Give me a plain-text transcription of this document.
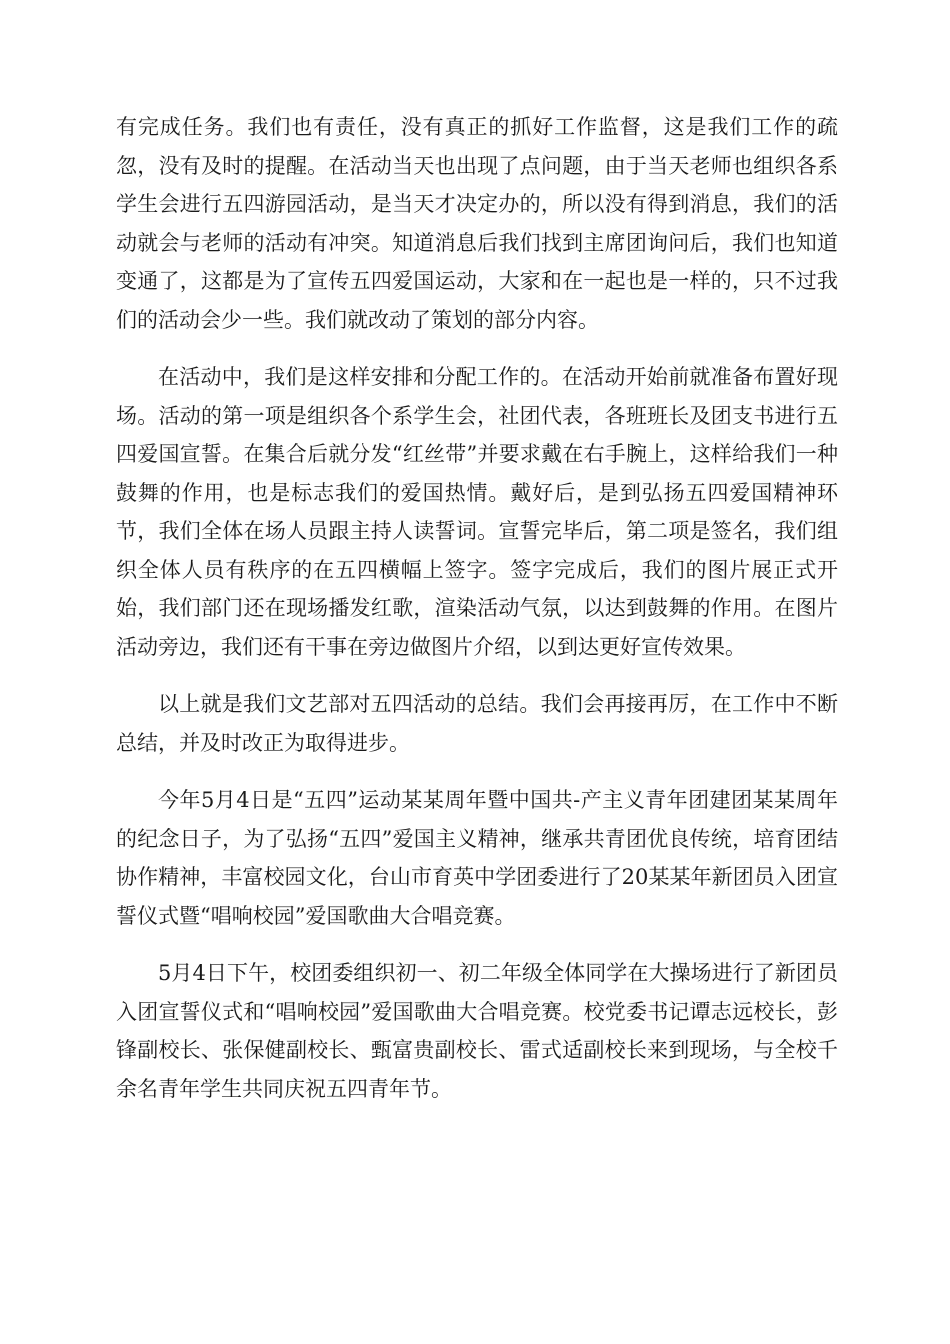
有完成任务。我们也有责任，没有真正的抓好工作监督，这是我们工作的疏忽，没有及时的提醒。在活动当天也出现了点问题，由于当天老师也组织各系学生会进行五四游园活动，是当天才决定办的，所以没有得到消息，我们的活动就会与老师的活动有冲突。知道消息后我们找到主席团询问后，我们也知道变通了，这都是为了宣传五四爱国运动，大家和在一起也是一样的，只不过我们的活动会少一些。我们就改动了策划的部分内容。

在活动中，我们是这样安排和分配工作的。在活动开始前就准备布置好现场。活动的第一项是组织各个系学生会，社团代表，各班班长及团支书进行五四爱国宣誓。在集合后就分发“红丝带”并要求戴在右手腕上，这样给我们一种鼓舞的作用，也是标志我们的爱国热情。戴好后，是到弘扬五四爱国精神环节，我们全体在场人员跟主持人读誓词。宣誓完毕后，第二项是签名，我们组织全体人员有秩序的在五四横幅上签字。签字完成后，我们的图片展正式开始，我们部门还在现场播发红歌，渲染活动气氛，以达到鼓舞的作用。在图片活动旁边，我们还有干事在旁边做图片介绍，以到达更好宣传效果。

以上就是我们文艺部对五四活动的总结。我们会再接再厉，在工作中不断总结，并及时改正为取得进步。

今年5月4日是“五四”运动某某周年暨中国共-产主义青年团建团某某周年的纪念日子，为了弘扬“五四”爱国主义精神，继承共青团优良传统，培育团结协作精神，丰富校园文化，台山市育英中学团委进行了20某某年新团员入团宣誓仪式暨“唱响校园”爱国歌曲大合唱竞赛。

5月4日下午，校团委组织初一、初二年级全体同学在大操场进行了新团员入团宣誓仪式和“唱响校园”爱国歌曲大合唱竞赛。校党委书记谭志远校长，彭锋副校长、张保健副校长、甄富贵副校长、雷式适副校长来到现场，与全校千余名青年学生共同庆祝五四青年节。
